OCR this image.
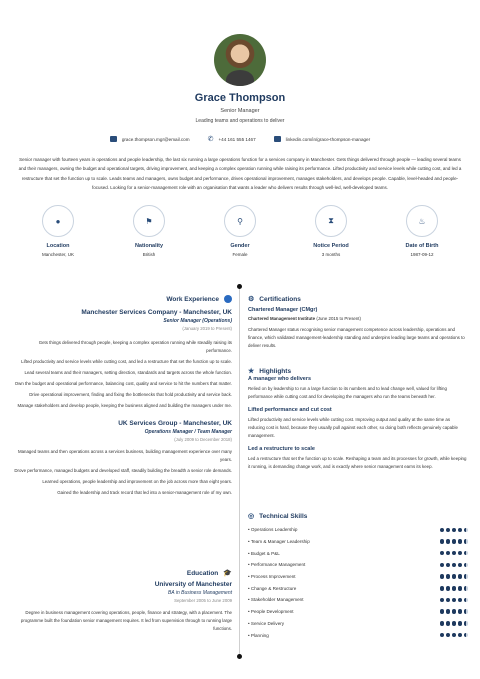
Grace Thompson
Senior Manager
Leading teams and operations to deliver
grace.thompson.mgr@email.com	✆ +44 161 555 1467	linkedin.com/in/grace-thompson-manager
Senior manager with fourteen years in operations and people leadership, the last six running a large operations function for a services company in Manchester. Gets things delivered through people — leading several teams and their managers, owning the budget and operational targets, driving improvement, and keeping a complex operation running while raising its performance. Lifted productivity and service levels while cutting cost, and led a restructure that set the function up to scale. Leads teams and managers, owns budget and performance, drives operational improvement, manages stakeholders, and develops people. Capable, level-headed and people-focused. Looking for a senior-management role with an organisation that wants a leader who delivers results through well-led, well-developed teams.
●
Location
Manchester, UK
⚑
Nationality
British
⚲
Gender
Female
⧗
Notice Period
3 months
♨
Date of Birth
1987-09-12
Work Experience
Manchester Services Company - Manchester, UK
Senior Manager (Operations)
(January 2019 to Present)
Gets things delivered through people, keeping a complex operation running while steadily raising its performance.
Lifted productivity and service levels while cutting cost, and led a restructure that set the function up to scale.
Lead several teams and their managers, setting direction, standards and targets across the whole function.
Own the budget and operational performance, balancing cost, quality and service to hit the numbers that matter.
Drive operational improvement, finding and fixing the bottlenecks that hold productivity and service back.
Manage stakeholders and develop people, keeping the business aligned and building the managers under me.
UK Services Group - Manchester, UK
Operations Manager / Team Manager
(July 2009 to December 2018)
Managed teams and then operations across a services business, building management experience over many years.
Drove performance, managed budgets and developed staff, steadily building the breadth a senior role demands.
Learned operations, people leadership and improvement on the job across more than eight years.
Gained the leadership and track record that led into a senior-management role of my own.
Education 🎓
University of Manchester
BA in Business Management
September 2005 to June 2009
Degree in business management covering operations, people, finance and strategy, with a placement. The programme built the foundation senior management requires. It led from supervision through to running large functions.
⚙ Certifications
Chartered Manager (CMgr)
Chartered Management Institute (June 2015 to Present)
Chartered Manager status recognising senior management competence across leadership, operations and finance, which validated management-leadership standing and underpins leading large teams and operations to deliver results.
★ Highlights
A manager who delivers
Relied on by leadership to run a large function to its numbers and to lead change well, valued for lifting performance while cutting cost and for developing the managers who run the teams beneath her.
Lifted performance and cut cost
Lifted productivity and service levels while cutting cost. Improving output and quality at the same time as reducing cost is hard, because they usually pull against each other, so doing both reflects genuinely capable management.
Led a restructure to scale
Led a restructure that set the function up to scale. Reshaping a team and its processes for growth, while keeping it running, is demanding change work, and is exactly where senior management earns its keep.
◎ Technical Skills
• Operations Leadership
• Team & Manager Leadership
• Budget & P&L
• Performance Management
• Process Improvement
• Change & Restructure
• Stakeholder Management
• People Development
• Service Delivery
• Planning
